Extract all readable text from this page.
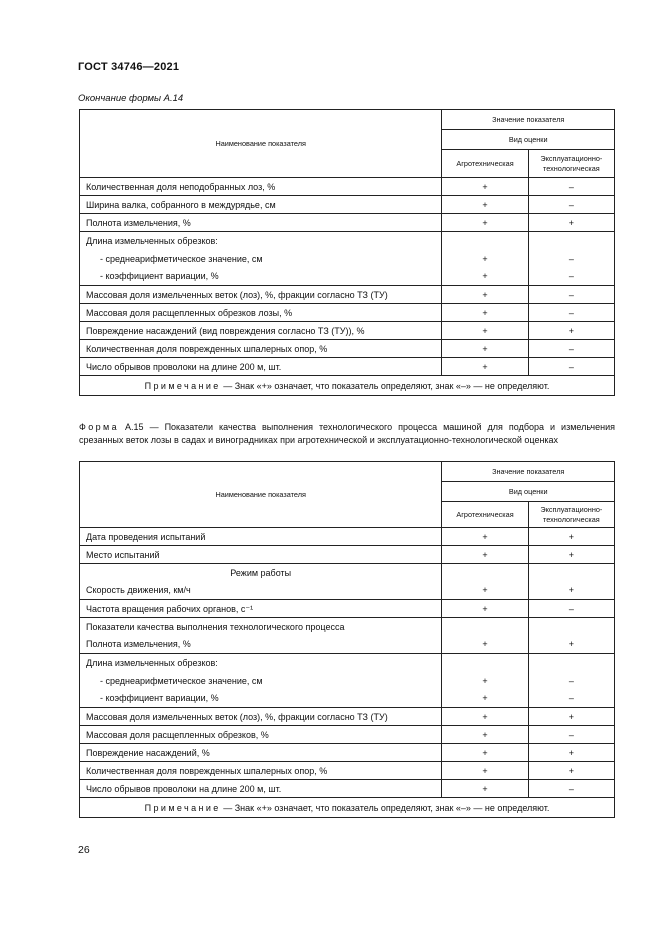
ГОСТ 34746—2021
Окончание формы А.14
Наименование показателя	Значение показателя	
	Вид оценки	
	Агротехническая	Эксплуатационно-
технологическая
Количественная доля неподобранных лоз, %	+	–
Ширина валка, собранного в междурядье, см	+	–
Полнота измельчения, %	+	+
Длина измельченных обрезков:		
- среднеарифметическое значение, см	+	–
- коэффициент вариации, %	+	–
Массовая доля измельченных веток (лоз), %, фракции согласно ТЗ (ТУ)	+	–
Массовая доля расщепленных обрезков лозы, %	+	–
Повреждение насаждений (вид повреждения согласно ТЗ (ТУ)), %	+	+
Количественная доля поврежденных шпалерных опор, %	+	–
Число обрывов проволоки на длине 200 м, шт.	+	–
Примечание — Знак «+» означает, что показатель определяют, знак «–» — не определяют.		
Форма А.15 — Показатели качества выполнения технологического процесса машиной для подбора и измельчения срезанных веток лозы в садах и виноградниках при агротехнической и эксплуатационно-технологической оценках
Наименование показателя	Значение показателя	
	Вид оценки	
	Агротехническая	Эксплуатационно-
технологическая
Дата проведения испытаний	+	+
Место испытаний	+	+
Режим работы		
Скорость движения, км/ч	+	+
Частота вращения рабочих органов, с⁻¹	+	–
Показатели качества выполнения технологического процесса		
Полнота измельчения, %	+	+
Длина измельченных обрезков:		
- среднеарифметическое значение, см	+	–
- коэффициент вариации, %	+	–
Массовая доля измельченных веток (лоз), %, фракции согласно ТЗ (ТУ)	+	+
Массовая доля расщепленных обрезков, %	+	–
Повреждение насаждений, %	+	+
Количественная доля поврежденных шпалерных опор, %	+	+
Число обрывов проволоки на длине 200 м, шт.	+	–
Примечание — Знак «+» означает, что показатель определяют, знак «–» — не определяют.		
26
